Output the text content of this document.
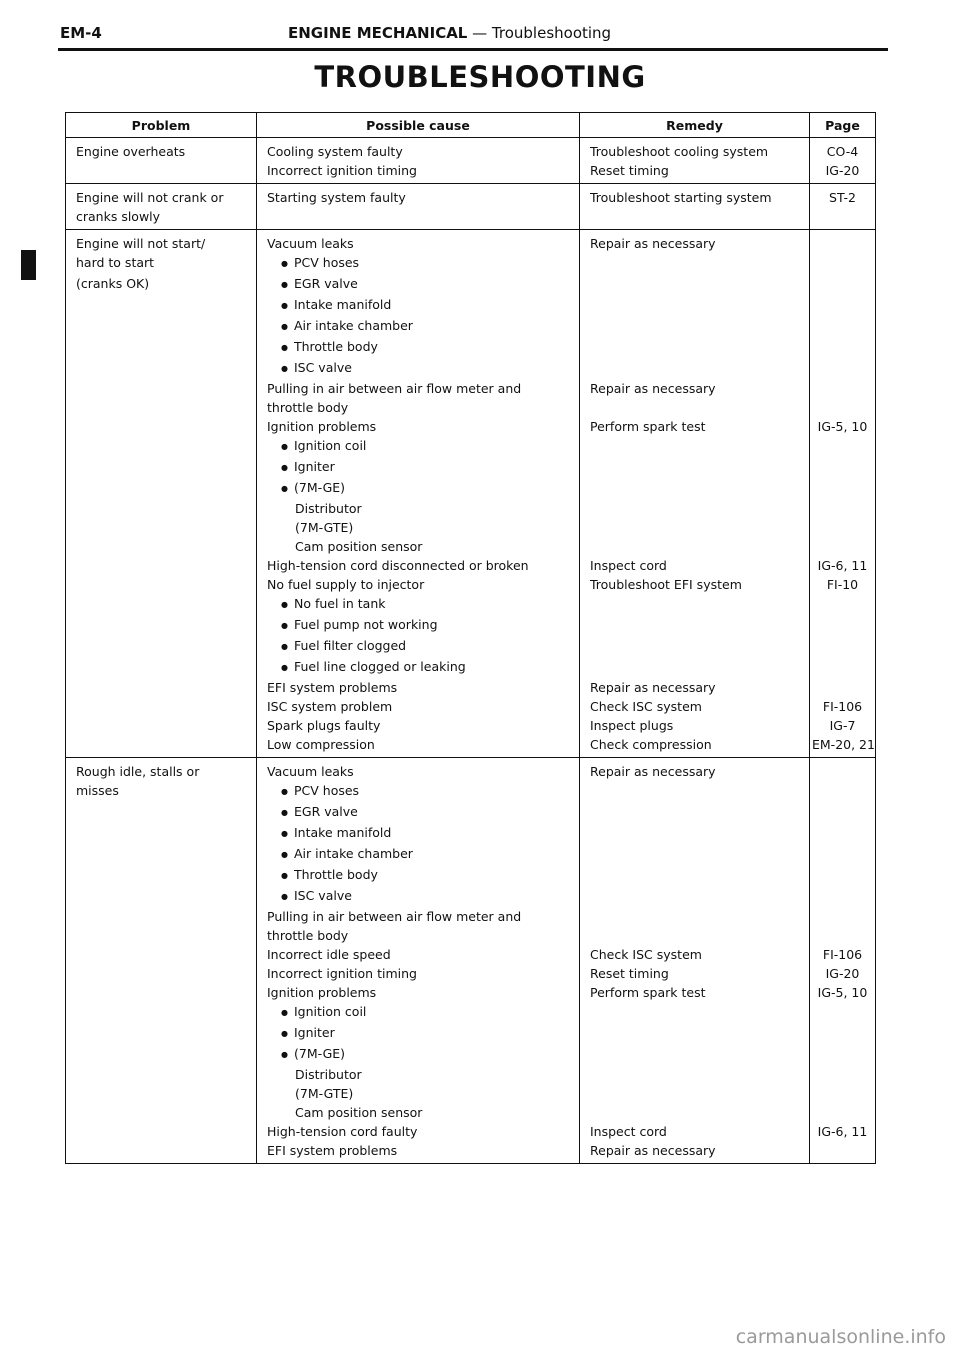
EM-4	ENGINE MECHANICAL — Troubleshooting
TROUBLESHOOTING
Problem	Possible cause	Remedy	Page

Engine overheats	Cooling system faulty	Troubleshoot cooling system	CO-4

	Incorrect ignition timing	Reset timing	IG-20

Engine will not crank or	Starting system faulty	Troubleshoot starting system	ST-2

cranks slowly			

Engine will not start/	Vacuum leaks	Repair as necessary	

hard to start	● PCV hoses

(cranks OK)	● EGR valve

	● Intake manifold

	● Air intake chamber

	● Throttle body

	● ISC valve

	Pulling in air between air flow meter and	Repair as necessary	

	throttle body		

	Ignition problems	Perform spark test	IG-5, 10

	● Ignition coil

	● Igniter

	● (7M-GE)

	Distributor		

	(7M-GTE)		

	Cam position sensor		

	High-tension cord disconnected or broken	Inspect cord	IG-6, 11

	No fuel supply to injector	Troubleshoot EFI system	FI-10

	● No fuel in tank

	● Fuel pump not working

	● Fuel filter clogged

	● Fuel line clogged or leaking

	EFI system problems	Repair as necessary	

	ISC system problem	Check ISC system	FI-106

	Spark plugs faulty	Inspect plugs	IG-7

	Low compression	Check compression	EM-20, 21

Rough idle, stalls or	Vacuum leaks	Repair as necessary	

misses	● PCV hoses

	● EGR valve

	● Intake manifold

	● Air intake chamber

	● Throttle body

	● ISC valve

	Pulling in air between air flow meter and		

	throttle body		

	Incorrect idle speed	Check ISC system	FI-106

	Incorrect ignition timing	Reset timing	IG-20

	Ignition problems	Perform spark test	IG-5, 10

	● Ignition coil

	● Igniter

	● (7M-GE)

	Distributor		

	(7M-GTE)		

	Cam position sensor		

	High-tension cord faulty	Inspect cord	IG-6, 11

	EFI system problems	Repair as necessary	

carmanualsonline.info
